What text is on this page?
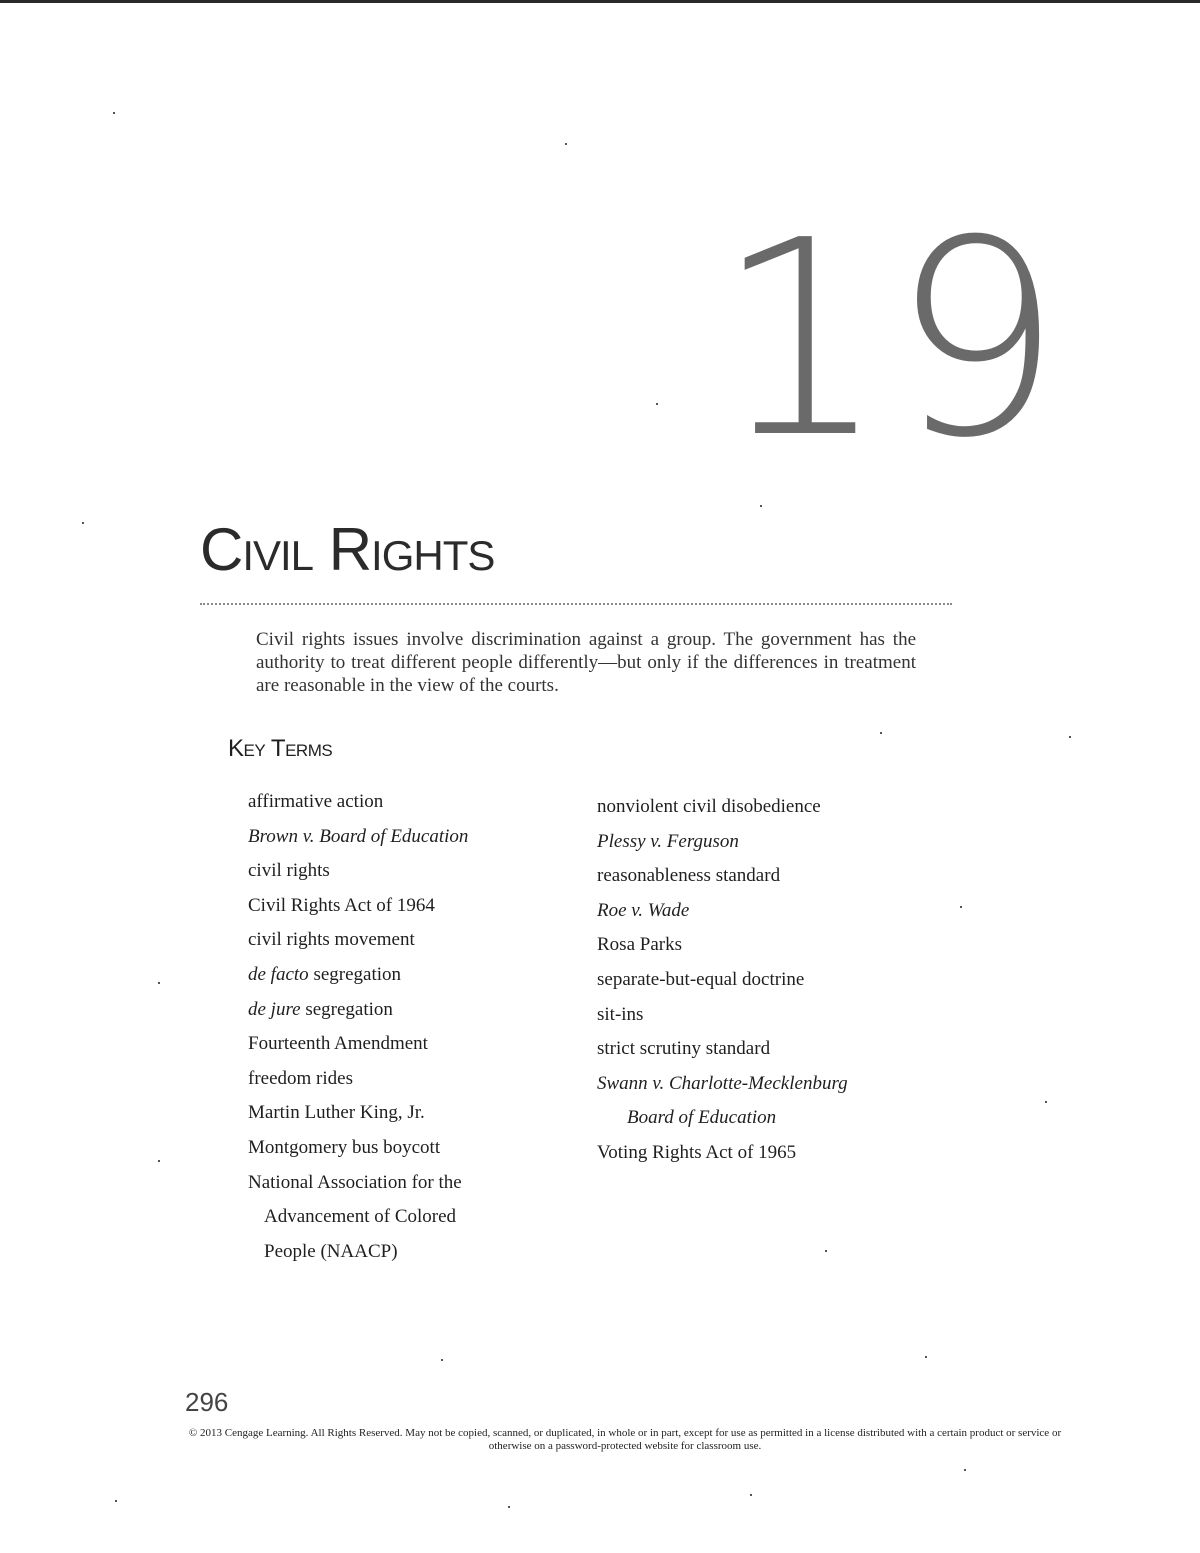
19
Civil Rights

Civil rights issues involve discrimination against a group. The government has the authority to treat different people differently—but only if the differences in treatment are reasonable in the view of the courts.

Key Terms
affirmative action
Brown v. Board of Education
civil rights
Civil Rights Act of 1964
civil rights movement
de facto segregation
de jure segregation
Fourteenth Amendment
freedom rides
Martin Luther King, Jr.
Montgomery bus boycott
National Association for the
Advancement of Colored
People (NAACP)
nonviolent civil disobedience
Plessy v. Ferguson
reasonableness standard
Roe v. Wade
Rosa Parks
separate-but-equal doctrine
sit-ins
strict scrutiny standard
Swann v. Charlotte-Mecklenburg
Board of Education
Voting Rights Act of 1965
296

© 2013 Cengage Learning. All Rights Reserved. May not be copied, scanned, or duplicated, in whole or in part, except for use as permitted in a license distributed with a certain product or service or otherwise on a password-protected website for classroom use.
